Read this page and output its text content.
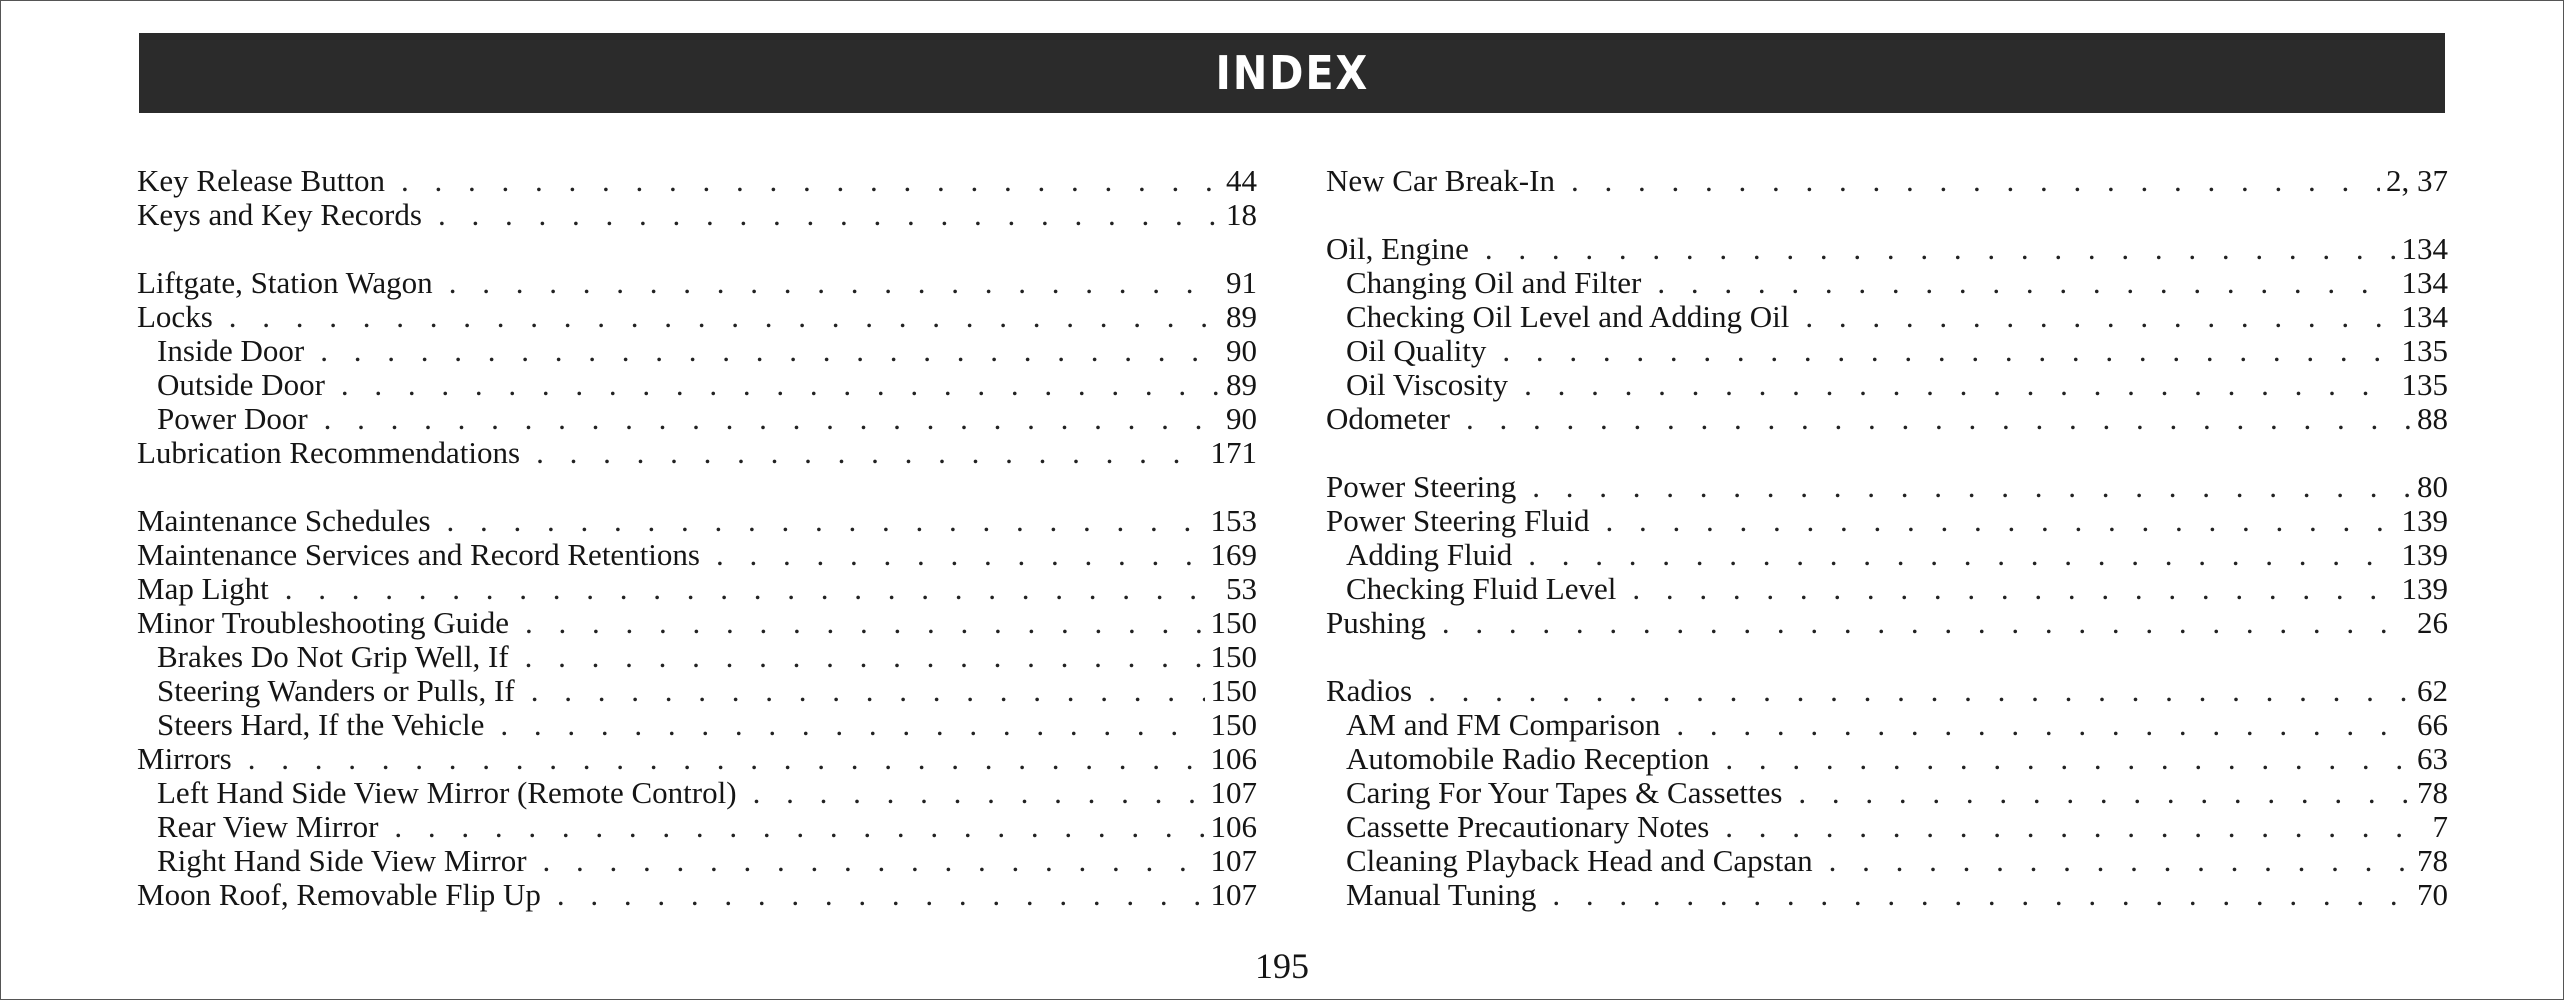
INDEX
Key Release Button . . .	44
Keys and Key Records . . .	18
Liftgate, Station Wagon . . .	91
Locks . . .	89
Inside Door . . .	90
Outside Door . . .	89
Power Door . . .	90
Lubrication Recommendations . . .	171
Maintenance Schedules . . .	153
Maintenance Services and Record Retentions . . .	169
Map Light . . .	53
Minor Troubleshooting Guide . . .	150
Brakes Do Not Grip Well, If . . .	150
Steering Wanders or Pulls, If . . .	150
Steers Hard, If the Vehicle . . .	150
Mirrors . . .	106
Left Hand Side View Mirror (Remote Control) . . .	107
Rear View Mirror . . .	106
Right Hand Side View Mirror . . .	107
Moon Roof, Removable Flip Up . . .	107
New Car Break-In . . .	2, 37
Oil, Engine . . .	134
Changing Oil and Filter . . .	134
Checking Oil Level and Adding Oil . . .	134
Oil Quality . . .	135
Oil Viscosity . . .	135
Odometer . . .	88
Power Steering . . .	80
Power Steering Fluid . . .	139
Adding Fluid . . .	139
Checking Fluid Level . . .	139
Pushing . . .	26
Radios . . .	62
AM and FM Comparison . . .	66
Automobile Radio Reception . . .	63
Caring For Your Tapes & Cassettes . . .	78
Cassette Precautionary Notes . . .	7
Cleaning Playback Head and Capstan . . .	78
Manual Tuning . . .	70
195
